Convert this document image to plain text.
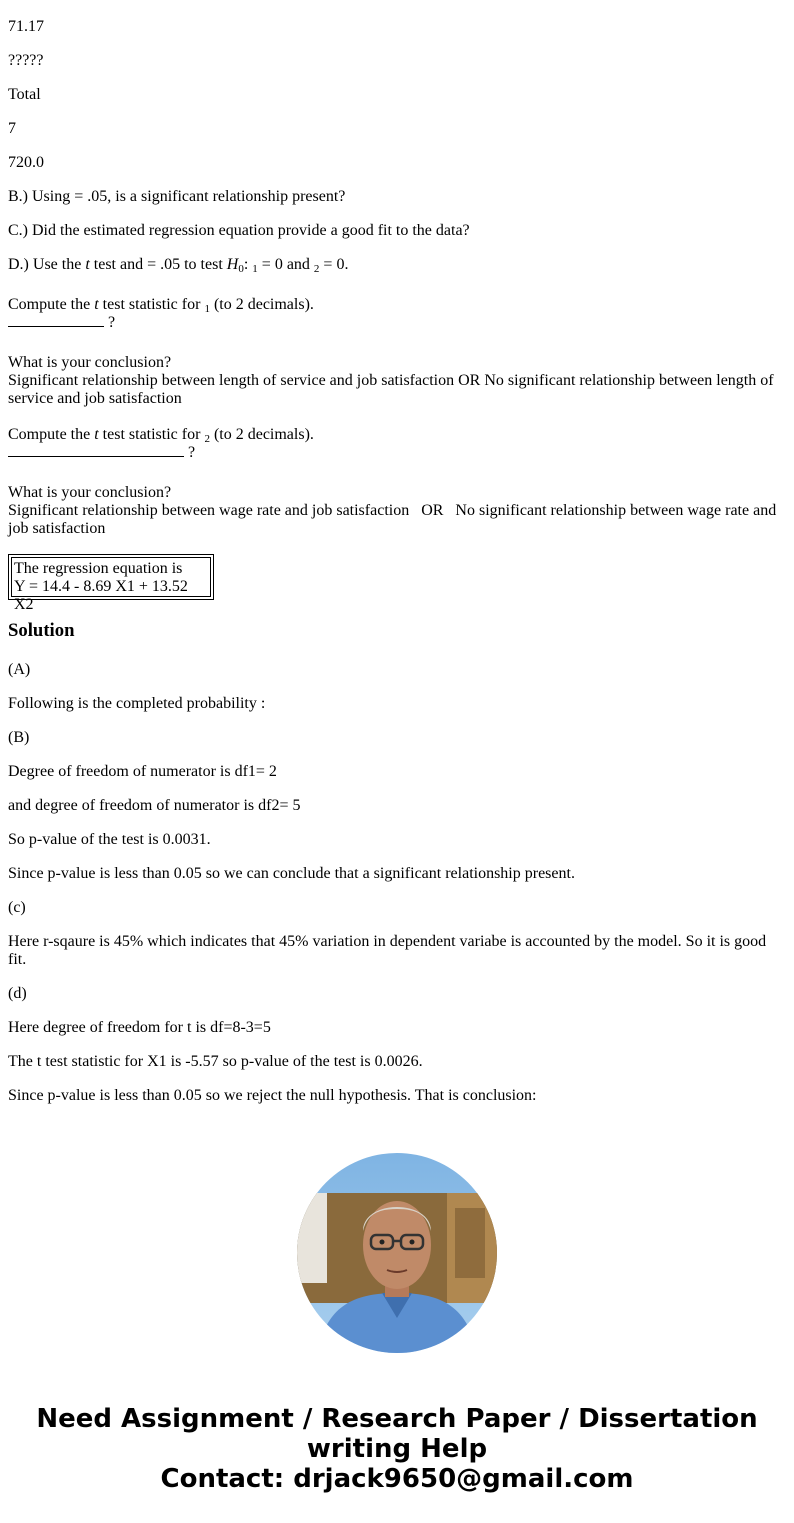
71.17

?????

Total

7

720.0

B.) Using = .05, is a significant relationship present?

C.) Did the estimated regression equation provide a good fit to the data?

D.) Use the t test and = .05 to test $H_0$: $_1$ = 0 and $_2$ = 0.

Compute the t test statistic for $_1$ (to 2 decimals).
?
What is your conclusion?
Significant relationship between length of service and job satisfaction OR No significant relationship between length of service and job satisfaction
Compute the t test statistic for $_2$ (to 2 decimals).
?
What is your conclusion?
Significant relationship between wage rate and job satisfaction   OR   No significant relationship between wage rate and job satisfaction
The regression equation is
Y = 14.4 - 8.69 X1 + 13.52 X2
Solution

(A)

Following is the completed probability :

(B)

Degree of freedom of numerator is df1= 2

and degree of freedom of numerator is df2= 5

So p-value of the test is 0.0031.

Since p-value is less than 0.05 so we can conclude that a significant relationship present.

(c)

Here r-sqaure is 45% which indicates that 45% variation in dependent variabe is accounted by the model. So it is good fit.

(d)

Here degree of freedom for t is df=8-3=5

The t test statistic for X1 is -5.57 so p-value of the test is 0.0026.

Since p-value is less than 0.05 so we reject the null hypothesis. That is conclusion:

Need Assignment / Research Paper / Dissertation
writing Help
Contact: drjack9650@gmail.com
